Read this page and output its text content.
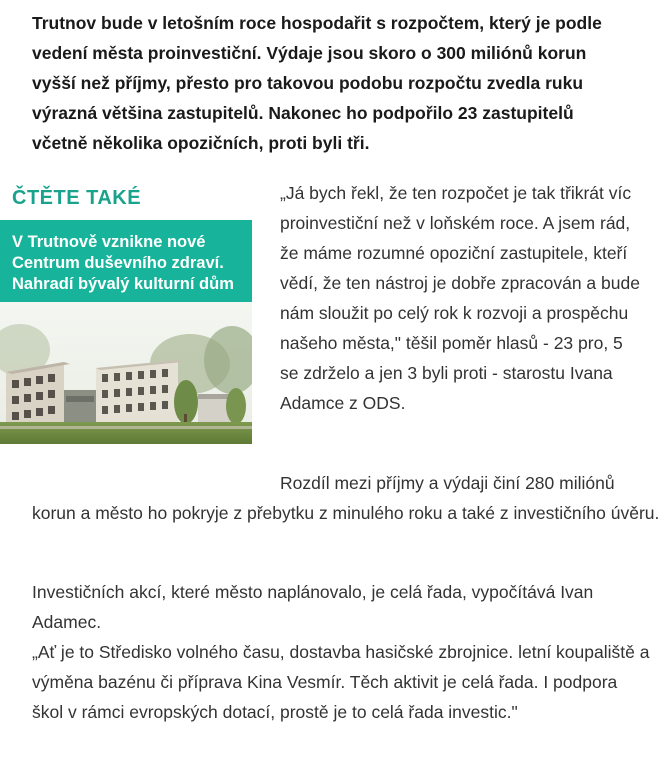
Trutnov bude v letošním roce hospodařit s rozpočtem, který je podle vedení města proinvestiční. Výdaje jsou skoro o 300 miliónů korun vyšší než příjmy, přesto pro takovou podobu rozpočtu zvedla ruku výrazná většina zastupitelů. Nakonec ho podpořilo 23 zastupitelů včetně několika opozičních, proti byli tři.

ČTĚTE TAKÉ
V Trutnově vznikne nové Centrum duševního zdraví. Nahradí bývalý kulturní dům

„Já bych řekl, že ten rozpočet je tak třikrát víc proinvestiční než v loňském roce. A jsem rád, že máme rozumné opoziční zastupitele, kteří vědí, že ten nástroj je dobře zpracován a bude nám sloužit po celý rok k rozvoji a prospěchu našeho města," těšil poměr hlasů - 23 pro, 5 se zdrželo a jen 3 byli proti - starostu Ivana Adamce z ODS.

Rozdíl mezi příjmy a výdaji činí 280 miliónů korun a město ho pokryje z přebytku z minulého roku a také z investičního úvěru.

Investičních akcí, které město naplánovalo, je celá řada, vypočítává Ivan Adamec.

„Ať je to Středisko volného času, dostavba hasičské zbrojnice. letní koupaliště a výměna bazénu či příprava Kina Vesmír. Těch aktivit je celá řada. I podpora škol v rámci evropských dotací, prostě je to celá řada investic."
